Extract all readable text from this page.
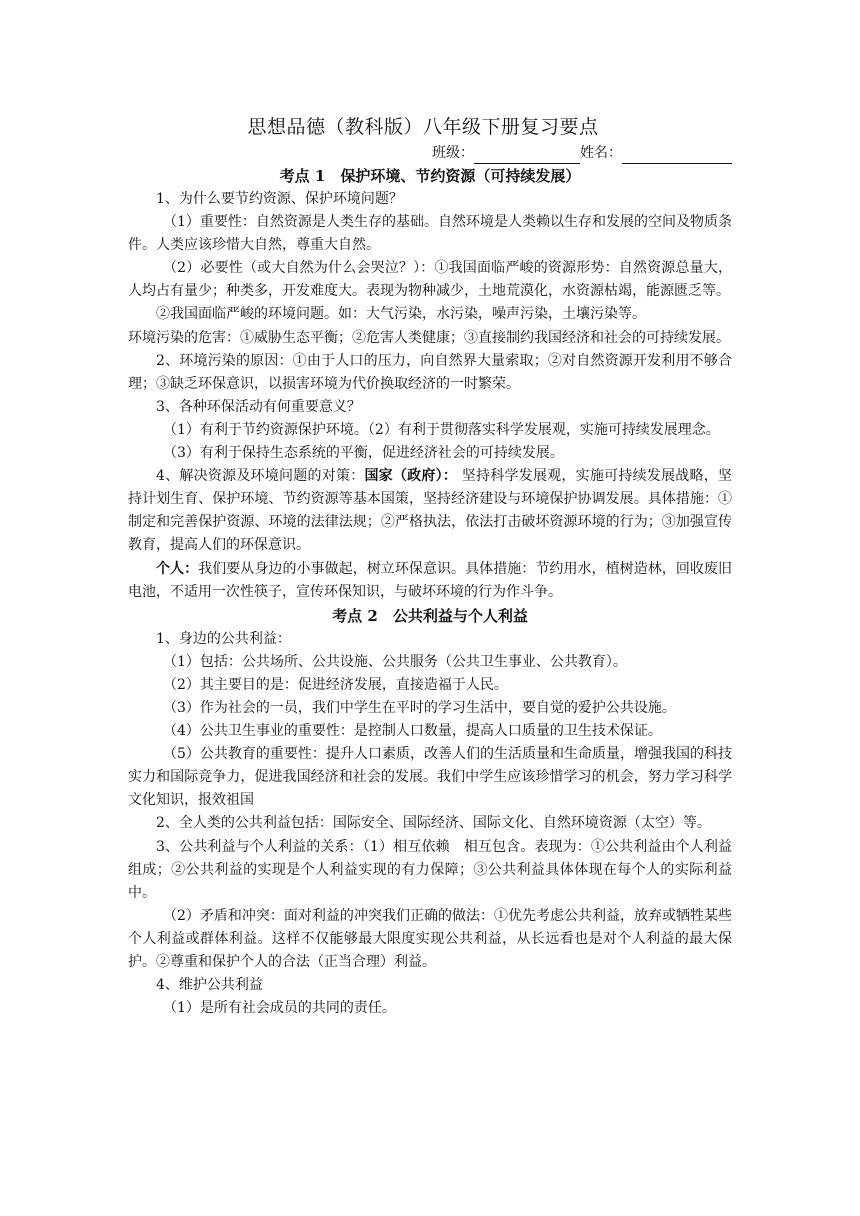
思想品德（教科版）八年级下册复习要点
班级：	姓名：
考点 1　保护环境、节约资源（可持续发展）

1、为什么要节约资源、保护环境问题？

（1）重要性：自然资源是人类生存的基础。自然环境是人类赖以生存和发展的空间及物质条件。人类应该珍惜大自然，尊重大自然。

（2）必要性（或大自然为什么会哭泣？）：①我国面临严峻的资源形势：自然资源总量大，人均占有量少；种类多，开发难度大。表现为物种减少，土地荒漠化，水资源枯竭，能源匮乏等。

②我国面临严峻的环境问题。如：大气污染，水污染，噪声污染，土壤污染等。

环境污染的危害：①威胁生态平衡；②危害人类健康；③直接制约我国经济和社会的可持续发展。

2、环境污染的原因：①由于人口的压力，向自然界大量索取；②对自然资源开发利用不够合理；③缺乏环保意识，以损害环境为代价换取经济的一时繁荣。

3、各种环保活动有何重要意义？

（1）有利于节约资源保护环境。（2）有利于贯彻落实科学发展观，实施可持续发展理念。

（3）有利于保持生态系统的平衡，促进经济社会的可持续发展。

4、解决资源及环境问题的对策：国家（政府）： 坚持科学发展观，实施可持续发展战略，坚持计划生育、保护环境、节约资源等基本国策，坚持经济建设与环境保护协调发展。具体措施：①制定和完善保护资源、环境的法律法规；②严格执法，依法打击破坏资源环境的行为；③加强宣传教育，提高人们的环保意识。

个人：我们要从身边的小事做起，树立环保意识。具体措施：节约用水，植树造林，回收废旧电池，不适用一次性筷子，宣传环保知识，与破坏环境的行为作斗争。

考点 2　公共利益与个人利益

1、身边的公共利益：

（1）包括：公共场所、公共设施、公共服务（公共卫生事业、公共教育）。

（2）其主要目的是：促进经济发展，直接造福于人民。

（3）作为社会的一员，我们中学生在平时的学习生活中，要自觉的爱护公共设施。

（4）公共卫生事业的重要性：是控制人口数量，提高人口质量的卫生技术保证。

（5）公共教育的重要性：提升人口素质，改善人们的生活质量和生命质量，增强我国的科技实力和国际竞争力，促进我国经济和社会的发展。我们中学生应该珍惜学习的机会，努力学习科学文化知识，报效祖国

2、全人类的公共利益包括：国际安全、国际经济、国际文化、自然环境资源（太空）等。

3、公共利益与个人利益的关系：（1）相互依赖　相互包含。表现为：①公共利益由个人利益组成；②公共利益的实现是个人利益实现的有力保障；③公共利益具体体现在每个人的实际利益中。

（2）矛盾和冲突：面对利益的冲突我们正确的做法：①优先考虑公共利益，放弃或牺牲某些个人利益或群体利益。这样不仅能够最大限度实现公共利益，从长远看也是对个人利益的最大保护。②尊重和保护个人的合法（正当合理）利益。

4、维护公共利益

（1）是所有社会成员的共同的责任。
